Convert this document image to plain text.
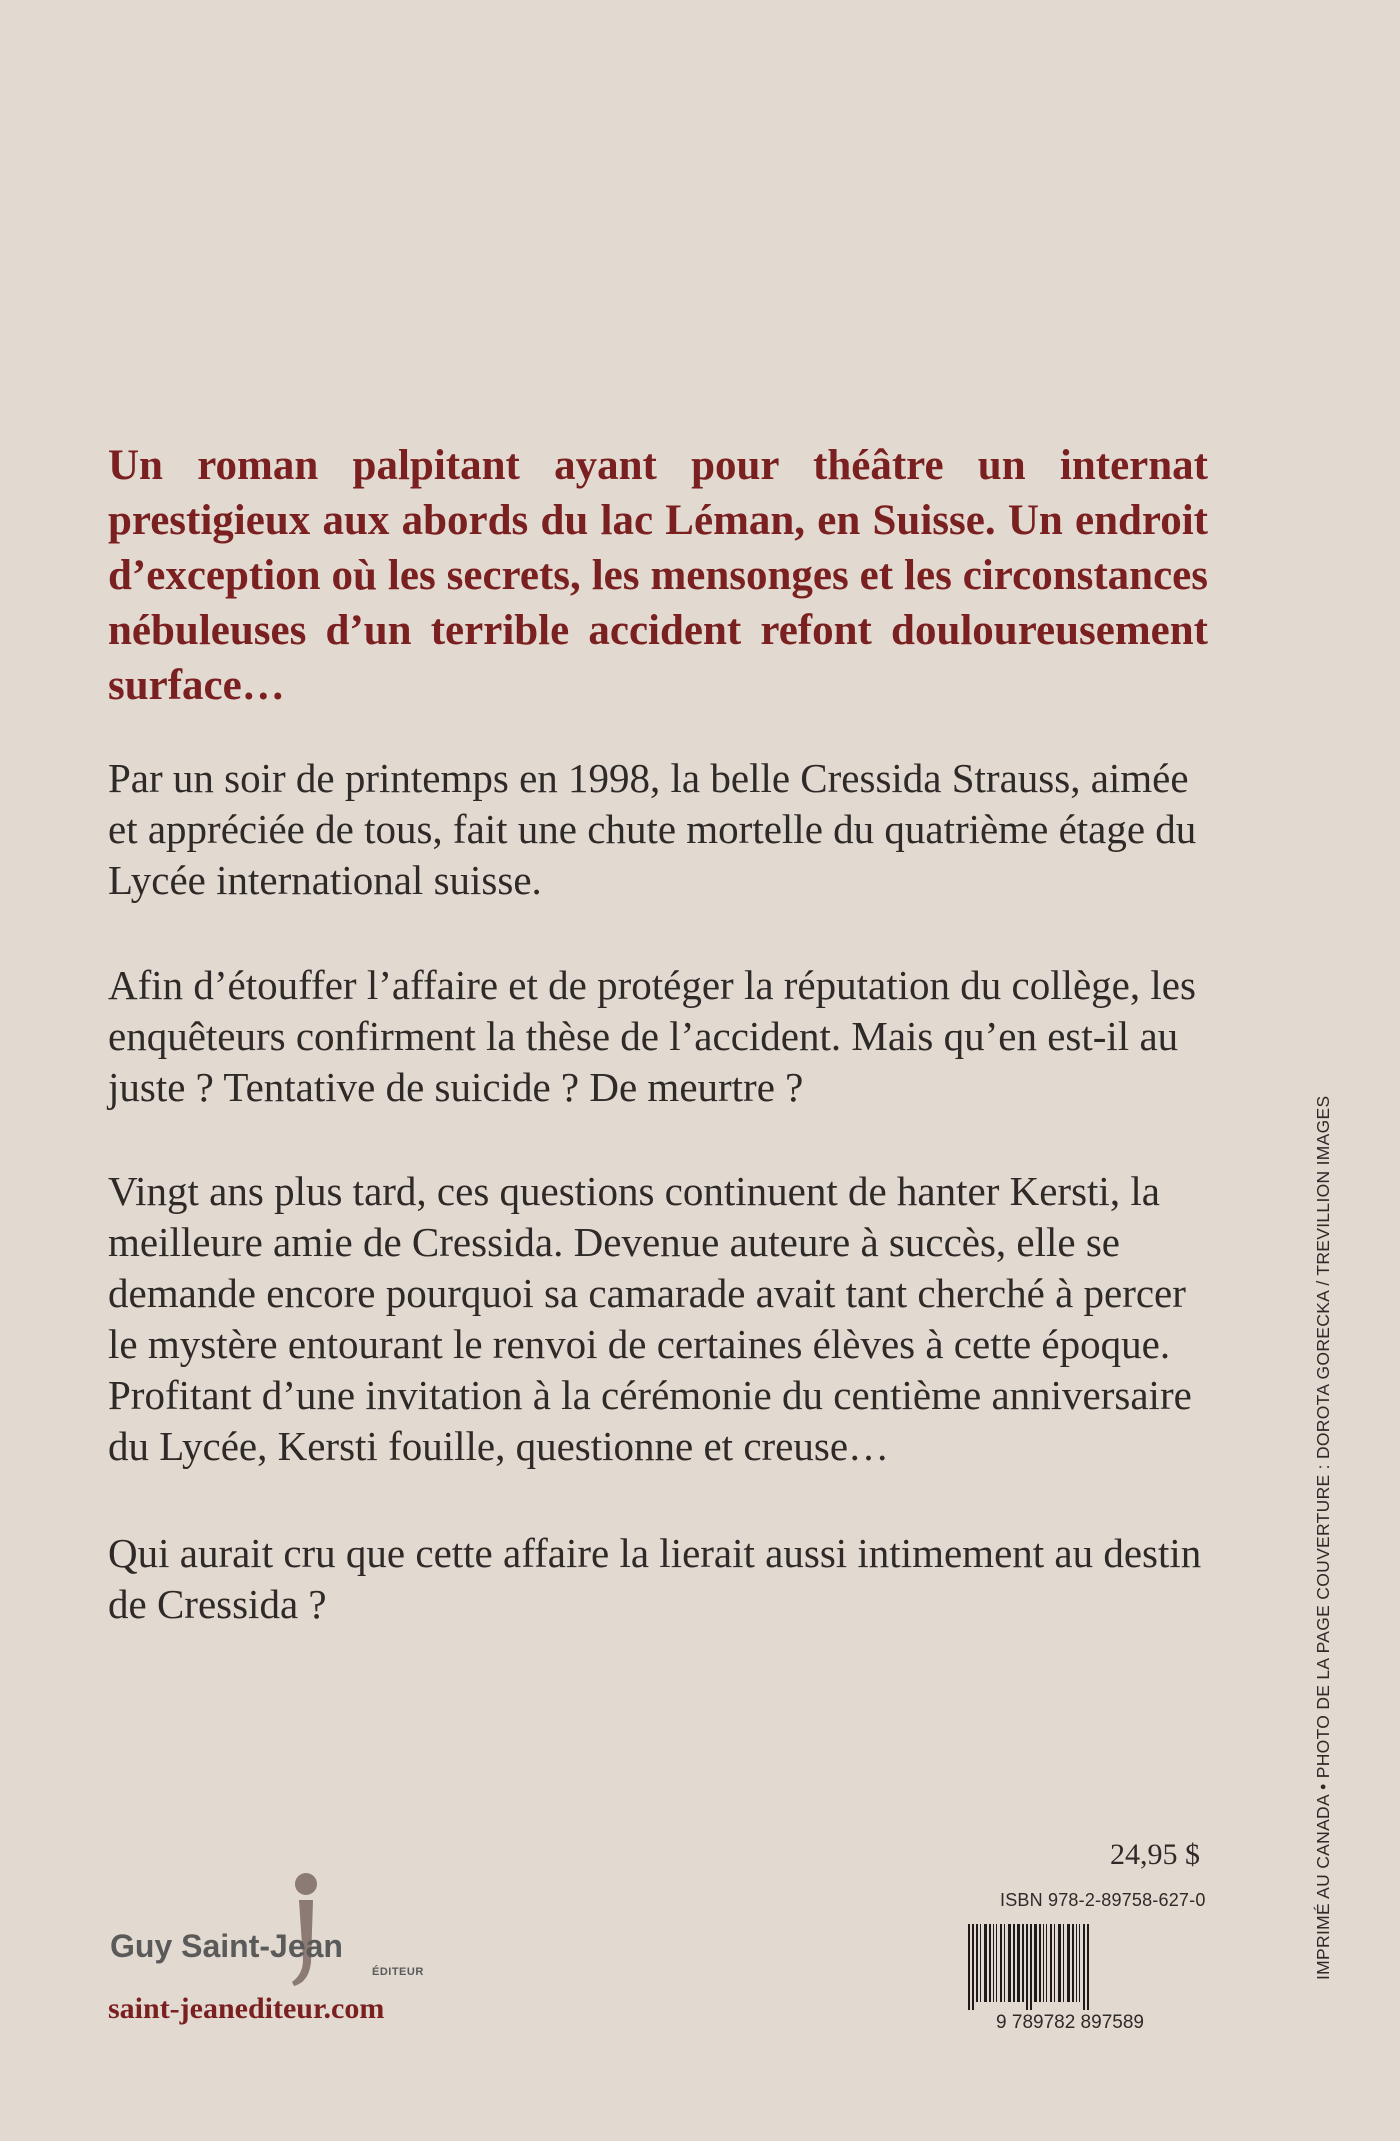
Un roman palpitant ayant pour théâtre un internat prestigieux aux abords du lac Léman, en Suisse. Un endroit d’exception où les secrets, les mensonges et les circonstances nébuleuses d’un terrible accident refont douloureusement surface…

Par un soir de printemps en 1998, la belle Cressida Strauss, aimée et appréciée de tous, fait une chute mortelle du quatrième étage du Lycée international suisse.

Afin d’étouffer l’affaire et de protéger la réputation du collège, les enquêteurs confirment la thèse de l’accident. Mais qu’en est-il au juste ? Tentative de suicide ? De meurtre ?

Vingt ans plus tard, ces questions continuent de hanter Kersti, la meilleure amie de Cressida. Devenue auteure à succès, elle se demande encore pourquoi sa camarade avait tant cherché à percer le mystère entourant le renvoi de certaines élèves à cette époque. Profitant d’une invitation à la cérémonie du centième anniversaire du Lycée, Kersti fouille, questionne et creuse…

Qui aurait cru que cette affaire la lierait aussi intimement au destin de Cressida ?	IMPRIMÉ AU CANADA • PHOTO DE LA PAGE COUVERTURE : DOROTA GORECKA / TREVILLION IMAGES
24,95 $
ISBN 978-2-89758-627-0
9 789782 897589
Guy Saint-Jean
ÉDITEUR
saint-jeanediteur.com
